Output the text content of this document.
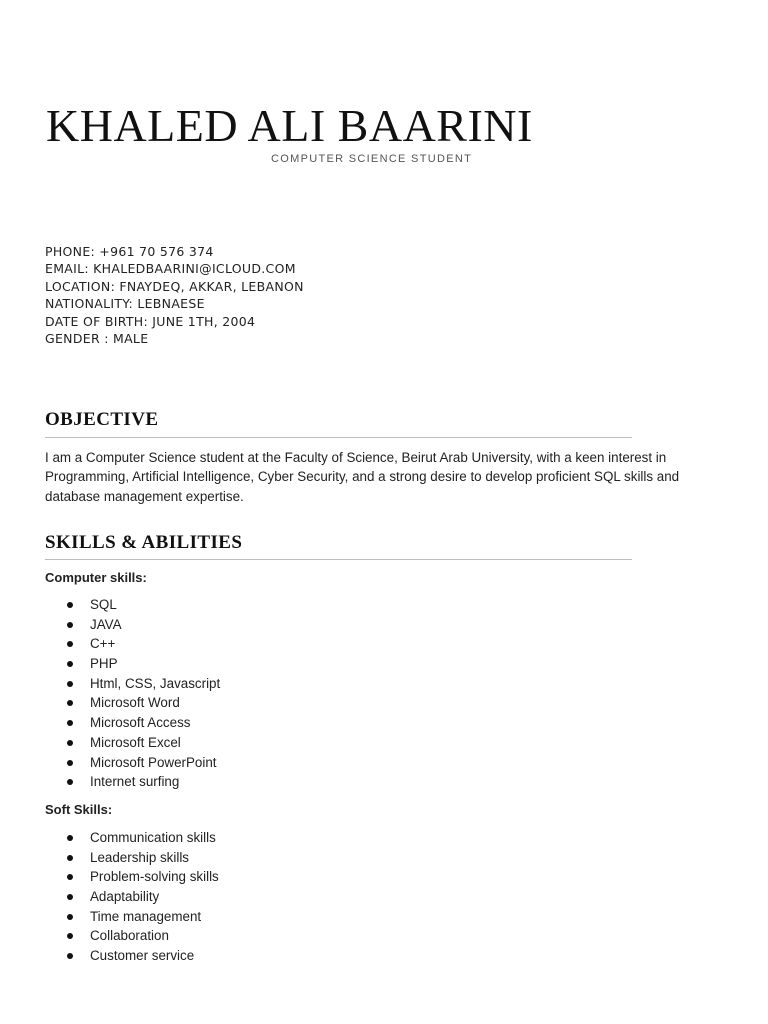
KHALED ALI BAARINI
COMPUTER SCIENCE STUDENT
PHONE: +961 70 576 374
EMAIL: KHALEDBAARINI@ICLOUD.COM
LOCATION: FNAYDEQ, AKKAR, LEBANON
NATIONALITY: LEBNAESE
DATE OF BIRTH: JUNE 1TH, 2004
GENDER : MALE
OBJECTIVE
I am a Computer Science student at the Faculty of Science, Beirut Arab University, with a keen interest in Programming, Artificial Intelligence, Cyber Security, and a strong desire to develop proficient SQL skills and database management expertise.
SKILLS & ABILITIES
Computer skills:
SQL
JAVA
C++
PHP
Html, CSS, Javascript
Microsoft Word
Microsoft Access
Microsoft Excel
Microsoft PowerPoint
Internet surfing
Soft Skills:
Communication skills
Leadership skills
Problem-solving skills
Adaptability
Time management
Collaboration
Customer service
